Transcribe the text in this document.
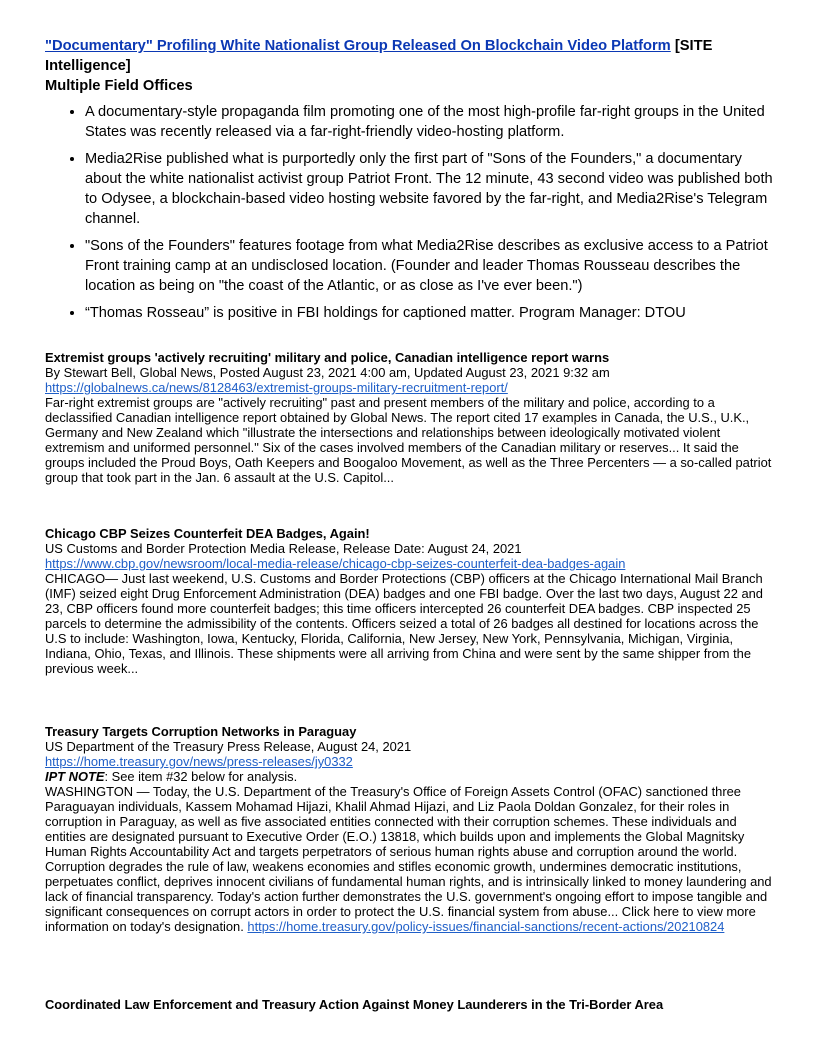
"Documentary" Profiling White Nationalist Group Released On Blockchain Video Platform [SITE Intelligence]
Multiple Field Offices
• A documentary-style propaganda film promoting one of the most high-profile far-right groups in the United States was recently released via a far-right-friendly video-hosting platform.
• Media2Rise published what is purportedly only the first part of "Sons of the Founders," a documentary about the white nationalist activist group Patriot Front. The 12 minute, 43 second video was published both to Odysee, a blockchain-based video hosting website favored by the far-right, and Media2Rise's Telegram channel.
• "Sons of the Founders" features footage from what Media2Rise describes as exclusive access to a Patriot Front training camp at an undisclosed location. (Founder and leader Thomas Rousseau describes the location as being on "the coast of the Atlantic, or as close as I've ever been.")
• “Thomas Rosseau” is positive in FBI holdings for captioned matter. Program Manager: DTOU
Extremist groups 'actively recruiting' military and police, Canadian intelligence report warns
By Stewart Bell, Global News, Posted August 23, 2021 4:00 am, Updated August 23, 2021 9:32 am
https://globalnews.ca/news/8128463/extremist-groups-military-recruitment-report/
Far-right extremist groups are "actively recruiting" past and present members of the military and police, according to a declassified Canadian intelligence report obtained by Global News. The report cited 17 examples in Canada, the U.S., U.K., Germany and New Zealand which "illustrate the intersections and relationships between ideologically motivated violent extremism and uniformed personnel." Six of the cases involved members of the Canadian military or reserves... It said the groups included the Proud Boys, Oath Keepers and Boogaloo Movement, as well as the Three Percenters — a so-called patriot group that took part in the Jan. 6 assault at the U.S. Capitol...
Chicago CBP Seizes Counterfeit DEA Badges, Again!
US Customs and Border Protection Media Release, Release Date: August 24, 2021
https://www.cbp.gov/newsroom/local-media-release/chicago-cbp-seizes-counterfeit-dea-badges-again
CHICAGO— Just last weekend, U.S. Customs and Border Protections (CBP) officers at the Chicago International Mail Branch (IMF) seized eight Drug Enforcement Administration (DEA) badges and one FBI badge. Over the last two days, August 22 and 23, CBP officers found more counterfeit badges; this time officers intercepted 26 counterfeit DEA badges. CBP inspected 25 parcels to determine the admissibility of the contents. Officers seized a total of 26 badges all destined for locations across the U.S to include: Washington, Iowa, Kentucky, Florida, California, New Jersey, New York, Pennsylvania, Michigan, Virginia, Indiana, Ohio, Texas, and Illinois. These shipments were all arriving from China and were sent by the same shipper from the previous week...
Treasury Targets Corruption Networks in Paraguay
US Department of the Treasury Press Release, August 24, 2021
https://home.treasury.gov/news/press-releases/jy0332
IPT NOTE: See item #32 below for analysis.
WASHINGTON — Today, the U.S. Department of the Treasury's Office of Foreign Assets Control (OFAC) sanctioned three Paraguayan individuals, Kassem Mohamad Hijazi, Khalil Ahmad Hijazi, and Liz Paola Doldan Gonzalez, for their roles in corruption in Paraguay, as well as five associated entities connected with their corruption schemes. These individuals and entities are designated pursuant to Executive Order (E.O.) 13818, which builds upon and implements the Global Magnitsky Human Rights Accountability Act and targets perpetrators of serious human rights abuse and corruption around the world. Corruption degrades the rule of law, weakens economies and stifles economic growth, undermines democratic institutions, perpetuates conflict, deprives innocent civilians of fundamental human rights, and is intrinsically linked to money laundering and lack of financial transparency. Today's action further demonstrates the U.S. government's ongoing effort to impose tangible and significant consequences on corrupt actors in order to protect the U.S. financial system from abuse... Click here to view more information on today's designation. https://home.treasury.gov/policy-issues/financial-sanctions/recent-actions/20210824
Coordinated Law Enforcement and Treasury Action Against Money Launderers in the Tri-Border Area
